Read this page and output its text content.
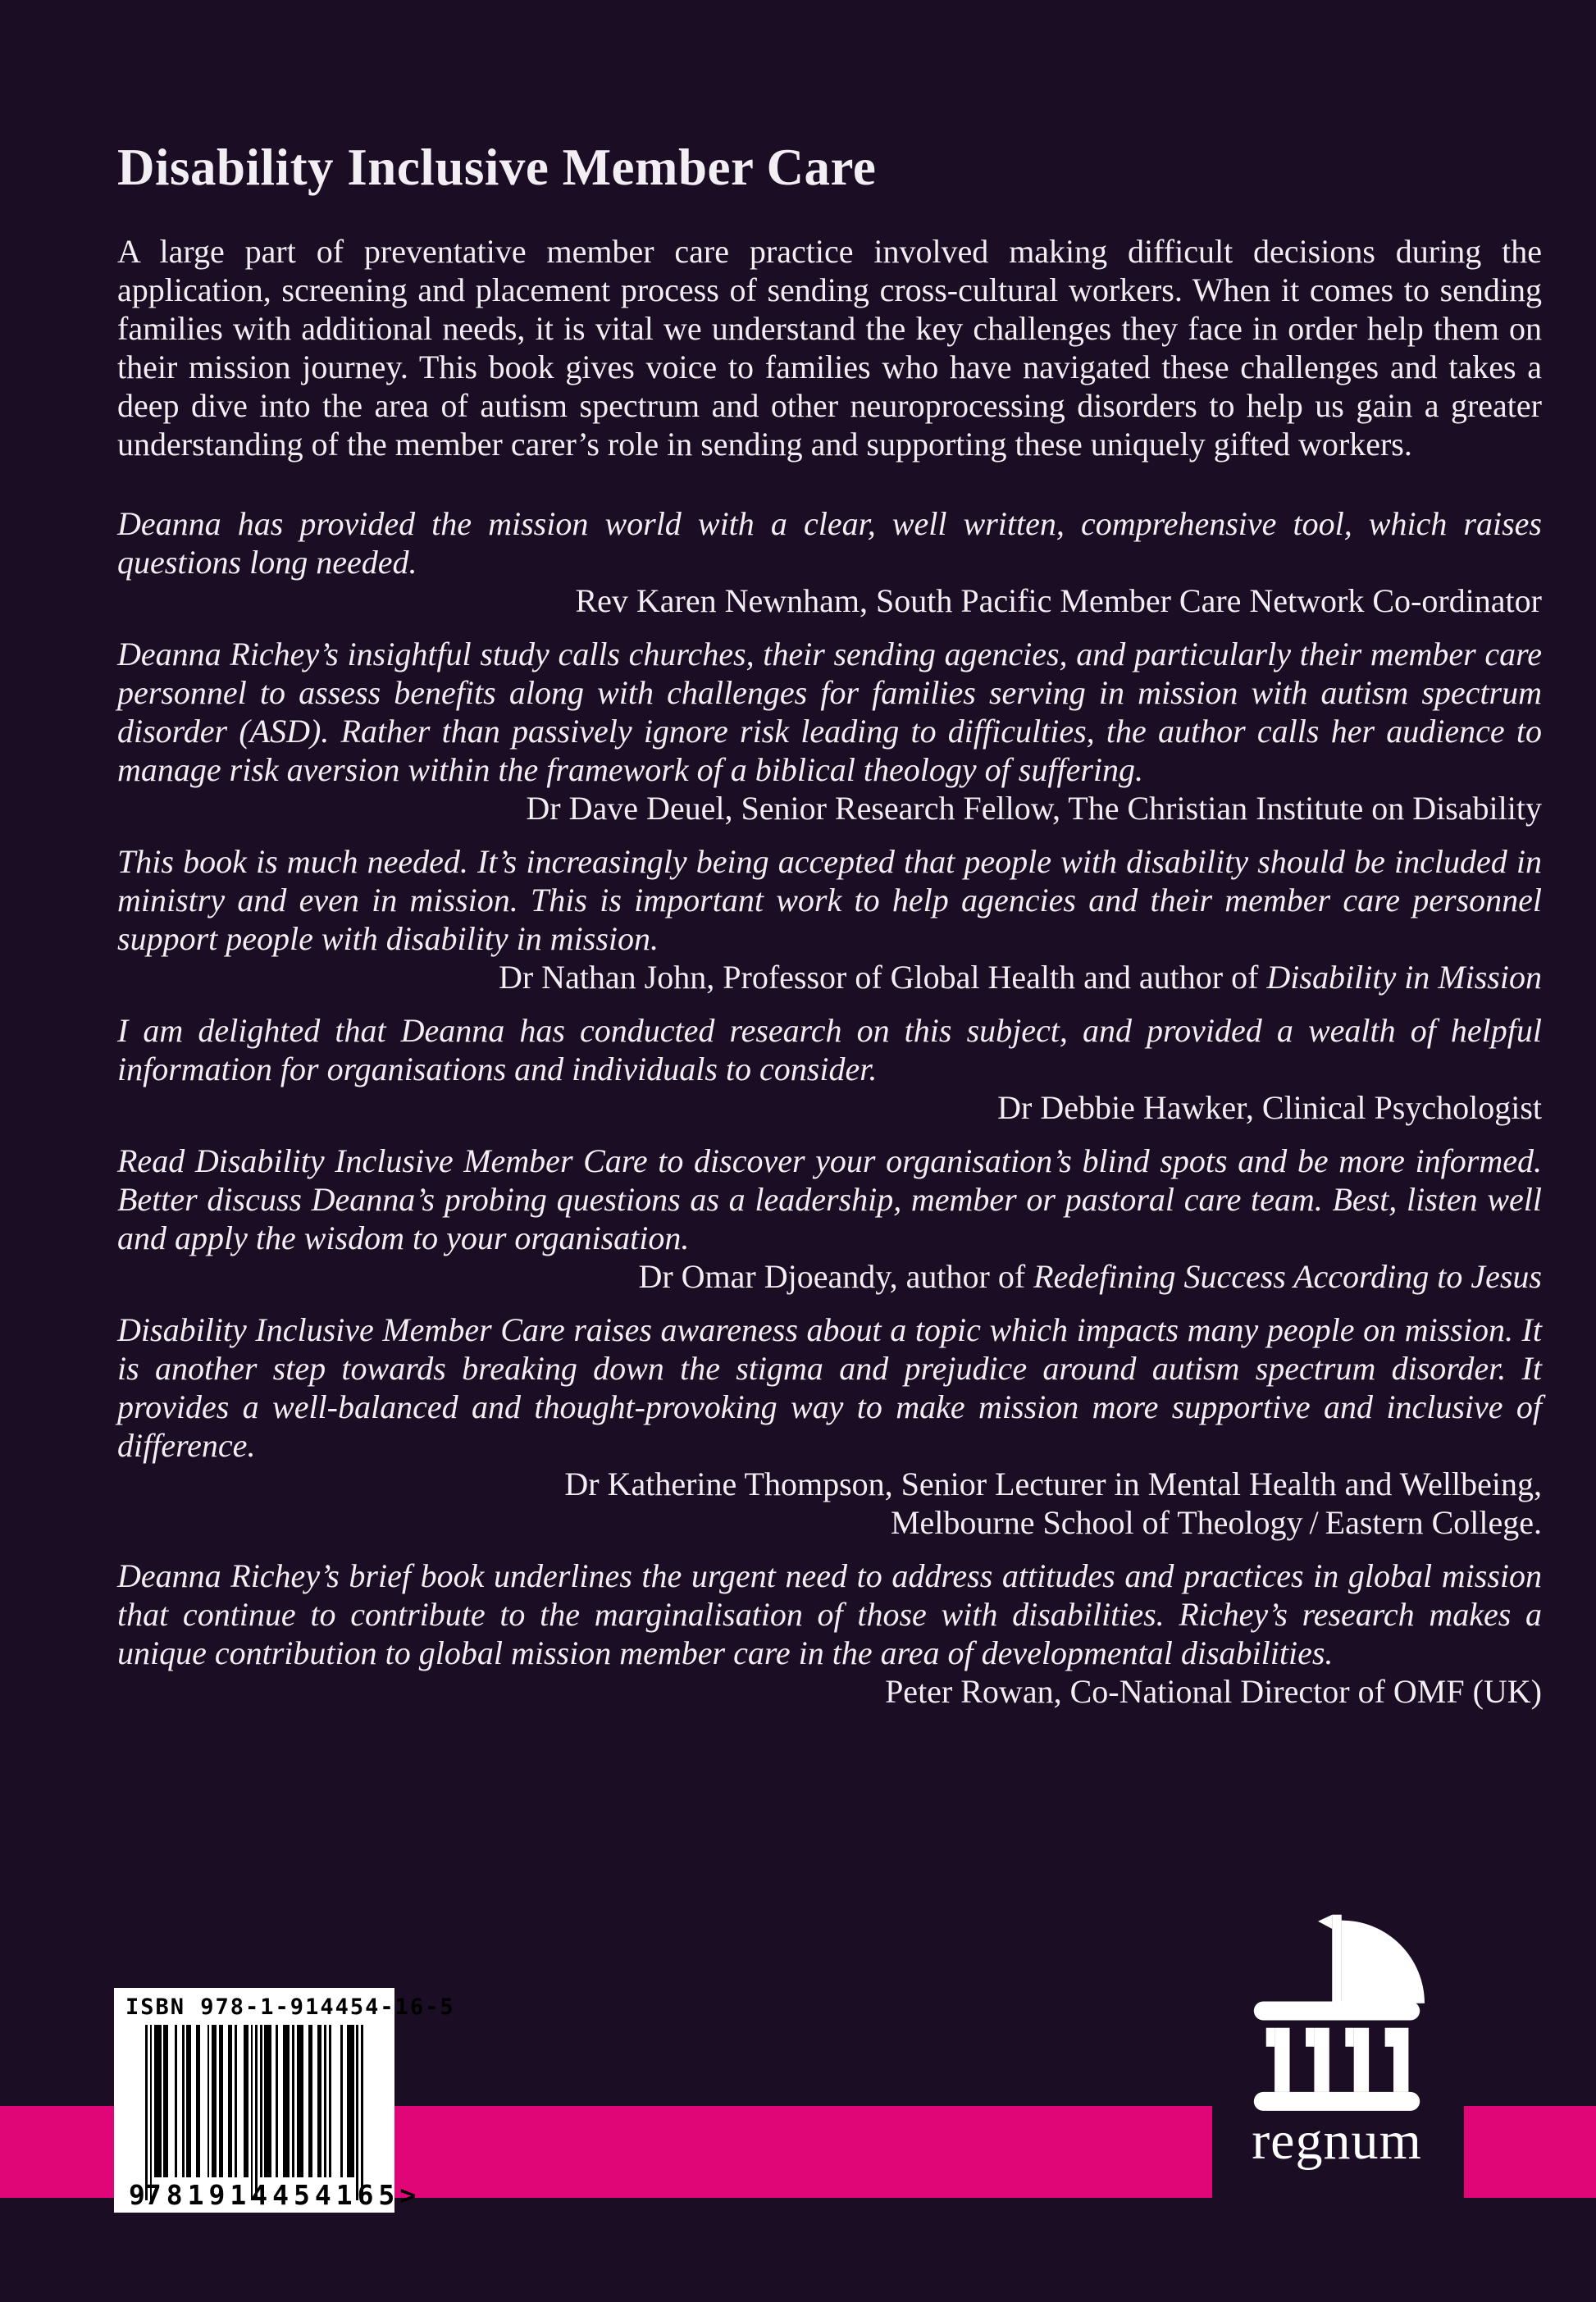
Disability Inclusive Member Care

A large part of preventative member care practice involved making difficult decisions during the application, screening and placement process of sending cross-cultural workers. When it comes to sending families with additional needs, it is vital we understand the key challenges they face in order help them on their mission journey. This book gives voice to families who have navigated these challenges and takes a deep dive into the area of autism spectrum and other neuroprocessing disorders to help us gain a greater understanding of the member carer’s role in sending and supporting these uniquely gifted workers.

Deanna has provided the mission world with a clear, well written, comprehensive tool, which raises questions long needed.

Rev Karen Newnham, South Pacific Member Care Network Co-ordinator

Deanna Richey’s insightful study calls churches, their sending agencies, and particularly their member care personnel to assess benefits along with challenges for families serving in mission with autism spectrum disorder (ASD). Rather than passively ignore risk leading to difficulties, the author calls her audience to manage risk aversion within the framework of a biblical theology of suffering.

Dr Dave Deuel, Senior Research Fellow, The Christian Institute on Disability

This book is much needed. It’s increasingly being accepted that people with disability should be included in ministry and even in mission. This is important work to help agencies and their member care personnel support people with disability in mission.

Dr Nathan John, Professor of Global Health and author of Disability in Mission

I am delighted that Deanna has conducted research on this subject, and provided a wealth of helpful information for organisations and individuals to consider.

Dr Debbie Hawker, Clinical Psychologist

Read Disability Inclusive Member Care to discover your organisation’s blind spots and be more informed. Better discuss Deanna’s probing questions as a leadership, member or pastoral care team. Best, listen well and apply the wisdom to your organisation.

Dr Omar Djoeandy, author of Redefining Success According to Jesus

Disability Inclusive Member Care raises awareness about a topic which impacts many people on mission. It is another step towards breaking down the stigma and prejudice around autism spectrum disorder. It provides a well-balanced and thought-provoking way to make mission more supportive and inclusive of difference.

Dr Katherine Thompson, Senior Lecturer in Mental Health and Wellbeing,

Melbourne School of Theology / Eastern College.

Deanna Richey’s brief book underlines the urgent need to address attitudes and practices in global mission that continue to contribute to the marginalisation of those with disabilities. Richey’s research makes a unique contribution to global mission member care in the area of developmental disabilities.

Peter Rowan, Co-National Director of OMF (UK)

regnum
ISBN 978-1-914454-16-5
9 781914 454165 >
